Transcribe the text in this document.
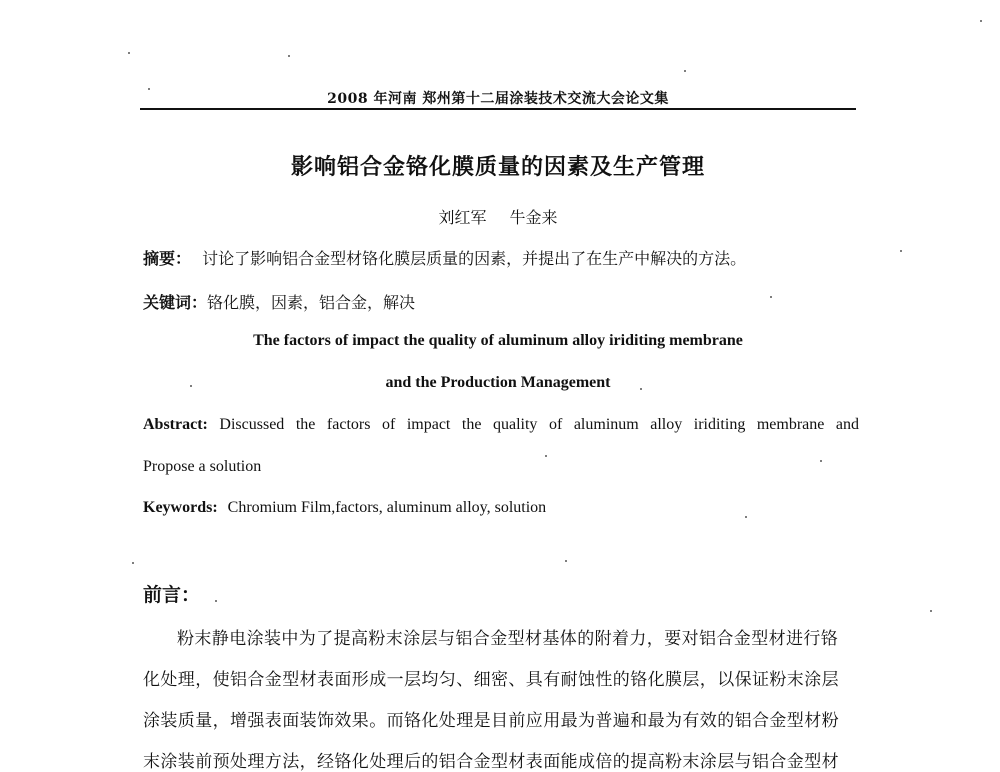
2008 年河南 郑州第十二届涂装技术交流大会论文集
影响铝合金铬化膜质量的因素及生产管理
刘红军 牛金来
摘要： 讨论了影响铝合金型材铬化膜层质量的因素，并提出了在生产中解决的方法。
关键词：铬化膜，因素，铝合金，解决
The factors of impact the quality of aluminum alloy iriditing membrane
and the Production Management
Abstract: Discussed the factors of impact the quality of aluminum alloy iriditing membrane and
Propose a solution
Keywords: Chromium Film,factors, aluminum alloy, solution
前言：
粉末静电涂装中为了提高粉末涂层与铝合金型材基体的附着力，要对铝合金型材进行铬
化处理，使铝合金型材表面形成一层均匀、细密、具有耐蚀性的铬化膜层，以保证粉末涂层
涂装质量，增强表面装饰效果。而铬化处理是目前应用最为普遍和最为有效的铝合金型材粉
末涂装前预处理方法，经铬化处理后的铝合金型材表面能成倍的提高粉末涂层与铝合金型材
